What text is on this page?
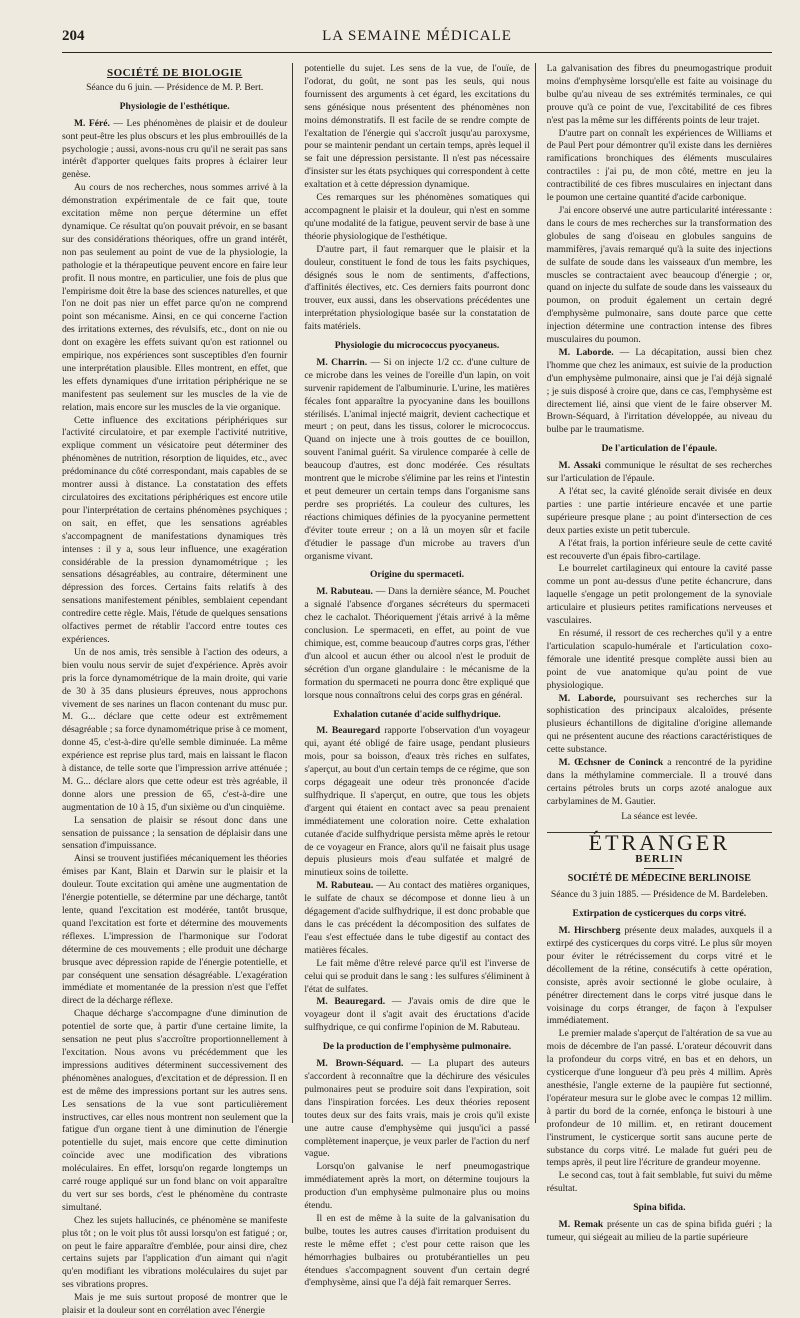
204	LA SEMAINE MÉDICALE
SOCIÉTÉ DE BIOLOGIE
Séance du 6 juin. — Présidence de M. P. Bert.
Physiologie de l'esthétique.

M. Féré. — Les phénomènes de plaisir et de douleur sont peut-être les plus obscurs et les plus embrouillés de la psychologie ; aussi, avons-nous cru qu'il ne serait pas sans intérêt d'apporter quelques faits propres à éclairer leur genèse.

Au cours de nos recherches, nous sommes arrivé à la démonstration expérimentale de ce fait que, toute excitation même non perçue détermine un effet dynamique. Ce résultat qu'on pouvait prévoir, en se basant sur des considérations théoriques, offre un grand intérêt, non pas seulement au point de vue de la physiologie, la pathologie et la thérapeutique peuvent encore en faire leur profit. Il nous montre, en particulier, une fois de plus que l'empirisme doit être la base des sciences naturelles, et que l'on ne doit pas nier un effet parce qu'on ne comprend point son mécanisme. Ainsi, en ce qui concerne l'action des irritations externes, des révulsifs, etc., dont on nie ou dont on exagère les effets suivant qu'on est rationnel ou empirique, nos expériences sont susceptibles d'en fournir une interprétation plausible. Elles montrent, en effet, que les effets dynamiques d'une irritation périphérique ne se manifestent pas seulement sur les muscles de la vie de relation, mais encore sur les muscles de la vie organique.

Cette influence des excitations périphériques sur l'activité circulatoire, et par exemple l'activité nutritive, explique comment un vésicatoire peut déterminer des phénomènes de nutrition, résorption de liquides, etc., avec prédominance du côté correspondant, mais capables de se montrer aussi à distance. La constatation des effets circulatoires des excitations périphériques est encore utile pour l'interprétation de certains phénomènes psychiques ; on sait, en effet, que les sensations agréables s'accompagnent de manifestations dynamiques très intenses : il y a, sous leur influence, une exagération considérable de la pression dynamométrique ; les sensations désagréables, au contraire, déterminent une dépression des forces. Certains faits relatifs à des sensations manifestement pénibles, semblaient cependant contredire cette règle. Mais, l'étude de quelques sensations olfactives permet de rétablir l'accord entre toutes ces expériences.

Un de nos amis, très sensible à l'action des odeurs, a bien voulu nous servir de sujet d'expérience. Après avoir pris la force dynamométrique de la main droite, qui varie de 30 à 35 dans plusieurs épreuves, nous approchons vivement de ses narines un flacon contenant du musc pur. M. G... déclare que cette odeur est extrêmement désagréable ; sa force dynamométrique prise à ce moment, donne 45, c'est-à-dire qu'elle semble diminuée. La même expérience est reprise plus tard, mais en laissant le flacon à distance, de telle sorte que l'impression arrive atténuée ; M. G... déclare alors que cette odeur est très agréable, il donne alors une pression de 65, c'est-à-dire une augmentation de 10 à 15, d'un sixième ou d'un cinquième.

La sensation de plaisir se résout donc dans une sensation de puissance ; la sensation de déplaisir dans une sensation d'impuissance.

Ainsi se trouvent justifiées mécaniquement les théories émises par Kant, Blain et Darwin sur le plaisir et la douleur. Toute excitation qui amène une augmentation de l'énergie potentielle, se détermine par une décharge, tantôt lente, quand l'excitation est modérée, tantôt brusque, quand l'excitation est forte et détermine des mouvements réflexes. L'impression de l'harmonique sur l'odorat détermine de ces mouvements ; elle produit une décharge brusque avec dépression rapide de l'énergie potentielle, et par conséquent une sensation désagréable. L'exagération immédiate et momentanée de la pression n'est que l'effet direct de la décharge réflexe.

Chaque décharge s'accompagne d'une diminution de potentiel de sorte que, à partir d'une certaine limite, la sensation ne peut plus s'accroître proportionnellement à l'excitation. Nous avons vu précédemment que les impressions auditives déterminent successivement des phénomènes analogues, d'excitation et de dépression. Il en est de même des impressions portant sur les autres sens. Les sensations de la vue sont particulièrement instructives, car elles nous montrent non seulement que la fatigue d'un organe tient à une diminution de l'énergie potentielle du sujet, mais encore que cette diminution coïncide avec une modification des vibrations moléculaires. En effet, lorsqu'on regarde longtemps un carré rouge appliqué sur un fond blanc on voit apparaître du vert sur ses bords, c'est le phénomène du contraste simultané.

Chez les sujets hallucinés, ce phénomène se manifeste plus tôt ; on le voit plus tôt aussi lorsqu'on est fatigué ; or, on peut le faire apparaître d'emblée, pour ainsi dire, chez certains sujets par l'application d'un aimant qui n'agit qu'en modifiant les vibrations moléculaires du sujet par ses vibrations propres.

Mais je me suis surtout proposé de montrer que le plaisir et la douleur sont en corrélation avec l'énergie

potentielle du sujet. Les sens de la vue, de l'ouïe, de l'odorat, du goût, ne sont pas les seuls, qui nous fournissent des arguments à cet égard, les excitations du sens génésique nous présentent des phénomènes non moins démonstratifs. Il est facile de se rendre compte de l'exaltation de l'énergie qui s'accroît jusqu'au paroxysme, pour se maintenir pendant un certain temps, après lequel il se fait une dépression persistante. Il n'est pas nécessaire d'insister sur les états psychiques qui correspondent à cette exaltation et à cette dépression dynamique.

Ces remarques sur les phénomènes somatiques qui accompagnent le plaisir et la douleur, qui n'est en somme qu'une modalité de la fatigue, peuvent servir de base à une théorie physiologique de l'esthétique.

D'autre part, il faut remarquer que le plaisir et la douleur, constituent le fond de tous les faits psychiques, désignés sous le nom de sentiments, d'affections, d'affinités électives, etc. Ces derniers faits pourront donc trouver, eux aussi, dans les observations précédentes une interprétation physiologique basée sur la constatation de faits matériels.

Physiologie du micrococcus pyocyaneus.

M. Charrin. — Si on injecte 1/2 cc. d'une culture de ce microbe dans les veines de l'oreille d'un lapin, on voit survenir rapidement de l'albuminurie. L'urine, les matières fécales font apparaître la pyocyanine dans les bouillons stérilisés. L'animal injecté maigrit, devient cachectique et meurt ; on peut, dans les tissus, colorer le micrococcus. Quand on injecte une à trois gouttes de ce bouillon, souvent l'animal guérit. Sa virulence comparée à celle de beaucoup d'autres, est donc modérée. Ces résultats montrent que le microbe s'élimine par les reins et l'intestin et peut demeurer un certain temps dans l'organisme sans perdre ses propriétés. La couleur des cultures, les réactions chimiques définies de la pyocyanine permettent d'éviter toute erreur ; on a là un moyen sûr et facile d'étudier le passage d'un microbe au travers d'un organisme vivant.

Origine du spermaceti.

M. Rabuteau. — Dans la dernière séance, M. Pouchet a signalé l'absence d'organes sécréteurs du spermaceti chez le cachalot. Théoriquement j'étais arrivé à la même conclusion. Le spermaceti, en effet, au point de vue chimique, est, comme beaucoup d'autres corps gras, l'éther d'un alcool et aucun éther ou alcool n'est le produit de sécrétion d'un organe glandulaire : le mécanisme de la formation du spermaceti ne pourra donc être expliqué que lorsque nous connaîtrons celui des corps gras en général.

Exhalation cutanée d'acide sulfhydrique.

M. Beauregard rapporte l'observation d'un voyageur qui, ayant été obligé de faire usage, pendant plusieurs mois, pour sa boisson, d'eaux très riches en sulfates, s'aperçut, au bout d'un certain temps de ce régime, que son corps dégageait une odeur très prononcée d'acide sulfhydrique. Il s'aperçut, en outre, que tous les objets d'argent qui étaient en contact avec sa peau prenaient immédiatement une coloration noire. Cette exhalation cutanée d'acide sulfhydrique persista même après le retour de ce voyageur en France, alors qu'il ne faisait plus usage depuis plusieurs mois d'eau sulfatée et malgré de minutieux soins de toilette.

M. Rabuteau. — Au contact des matières organiques, le sulfate de chaux se décompose et donne lieu à un dégagement d'acide sulfhydrique, il est donc probable que dans le cas précédent la décomposition des sulfates de l'eau s'est effectuée dans le tube digestif au contact des matières fécales.

Le fait même d'être relevé parce qu'il est l'inverse de celui qui se produit dans le sang : les sulfures s'éliminent à l'état de sulfates.

M. Beauregard. — J'avais omis de dire que le voyageur dont il s'agit avait des éructations d'acide sulfhydrique, ce qui confirme l'opinion de M. Rabuteau.

De la production de l'emphysème pulmonaire.

M. Brown-Séquard. — La plupart des auteurs s'accordent à reconnaître que la déchirure des vésicules pulmonaires peut se produire soit dans l'expiration, soit dans l'inspiration forcées. Les deux théories reposent toutes deux sur des faits vrais, mais je crois qu'il existe une autre cause d'emphysème qui jusqu'ici a passé complètement inaperçue, je veux parler de l'action du nerf vague.

Lorsqu'on galvanise le nerf pneumogastrique immédiatement après la mort, on détermine toujours la production d'un emphysème pulmonaire plus ou moins étendu.

Il en est de même à la suite de la galvanisation du bulbe, toutes les autres causes d'irritation produisent du reste le même effet ; c'est pour cette raison que les hémorrhagies bulbaires ou protubérantielles un peu étendues s'accompagnent souvent d'un certain degré d'emphysème, ainsi que l'a déjà fait remarquer Serres.

La galvanisation des fibres du pneumogastrique produit moins d'emphysème lorsqu'elle est faite au voisinage du bulbe qu'au niveau de ses extrémités terminales, ce qui prouve qu'à ce point de vue, l'excitabilité de ces fibres n'est pas la même sur les différents points de leur trajet.

D'autre part on connaît les expériences de Williams et de Paul Pert pour démontrer qu'il existe dans les dernières ramifications bronchiques des éléments musculaires contractiles : j'ai pu, de mon côté, mettre en jeu la contractibilité de ces fibres musculaires en injectant dans le poumon une certaine quantité d'acide carbonique.

J'ai encore observé une autre particularité intéressante : dans le cours de mes recherches sur la transformation des globules de sang d'oiseau en globules sanguins de mammifères, j'avais remarqué qu'à la suite des injections de sulfate de soude dans les vaisseaux d'un membre, les muscles se contractaient avec beaucoup d'énergie ; or, quand on injecte du sulfate de soude dans les vaisseaux du poumon, on produit également un certain degré d'emphysème pulmonaire, sans doute parce que cette injection détermine une contraction intense des fibres musculaires du poumon.

M. Laborde. — La décapitation, aussi bien chez l'homme que chez les animaux, est suivie de la production d'un emphysème pulmonaire, ainsi que je l'ai déjà signalé ; je suis disposé à croire que, dans ce cas, l'emphysème est directement lié, ainsi que vient de le faire observer M. Brown-Séquard, à l'irritation développée, au niveau du bulbe par le traumatisme.

De l'articulation de l'épaule.

M. Assaki communique le résultat de ses recherches sur l'articulation de l'épaule.

A l'état sec, la cavité glénoïde serait divisée en deux parties : une partie intérieure encavée et une partie supérieure presque plane ; au point d'intersection de ces deux parties existe un petit tubercule.

A l'état frais, la portion inférieure seule de cette cavité est recouverte d'un épais fibro-cartilage.

Le bourrelet cartilagineux qui entoure la cavité passe comme un pont au-dessus d'une petite échancrure, dans laquelle s'engage un petit prolongement de la synoviale articulaire et plusieurs petites ramifications nerveuses et vasculaires.

En résumé, il ressort de ces recherches qu'il y a entre l'articulation scapulo-humérale et l'articulation coxo-fémorale une identité presque complète aussi bien au point de vue anatomique qu'au point de vue physiologique.

M. Laborde, poursuivant ses recherches sur la sophistication des principaux alcaloïdes, présente plusieurs échantillons de digitaline d'origine allemande qui ne présentent aucune des réactions caractéristiques de cette substance.

M. Œchsner de Coninck a rencontré de la pyridine dans la méthylamine commerciale. Il a trouvé dans certains pétroles bruts un corps azoté analogue aux carbylamines de M. Gautier.

La séance est levée.
ÉTRANGER
BERLIN
SOCIÉTÉ DE MÉDECINE BERLINOISE
Séance du 3 juin 1885. — Présidence de M. Bardeleben.
Extirpation de cysticerques du corps vitré.

M. Hirschberg présente deux malades, auxquels il a extirpé des cysticerques du corps vitré. Le plus sûr moyen pour éviter le rétrécissement du corps vitré et le décollement de la rétine, consécutifs à cette opération, consiste, après avoir sectionné le globe oculaire, à pénétrer directement dans le corps vitré jusque dans le voisinage du corps étranger, de façon à l'expulser immédiatement.

Le premier malade s'aperçut de l'altération de sa vue au mois de décembre de l'an passé. L'orateur découvrit dans la profondeur du corps vitré, en bas et en dehors, un cysticerque d'une longueur d'à peu près 4 millim. Après anesthésie, l'angle externe de la paupière fut sectionné, l'opérateur mesura sur le globe avec le compas 12 millim. à partir du bord de la cornée, enfonça le bistouri à une profondeur de 10 millim. et, en retirant doucement l'instrument, le cysticerque sortit sans aucune perte de substance du corps vitré. Le malade fut guéri peu de temps après, il peut lire l'écriture de grandeur moyenne.

Le second cas, tout à fait semblable, fut suivi du même résultat.

Spina bifida.

M. Remak présente un cas de spina bifida guéri ; la tumeur, qui siégeait au milieu de la partie supérieure
